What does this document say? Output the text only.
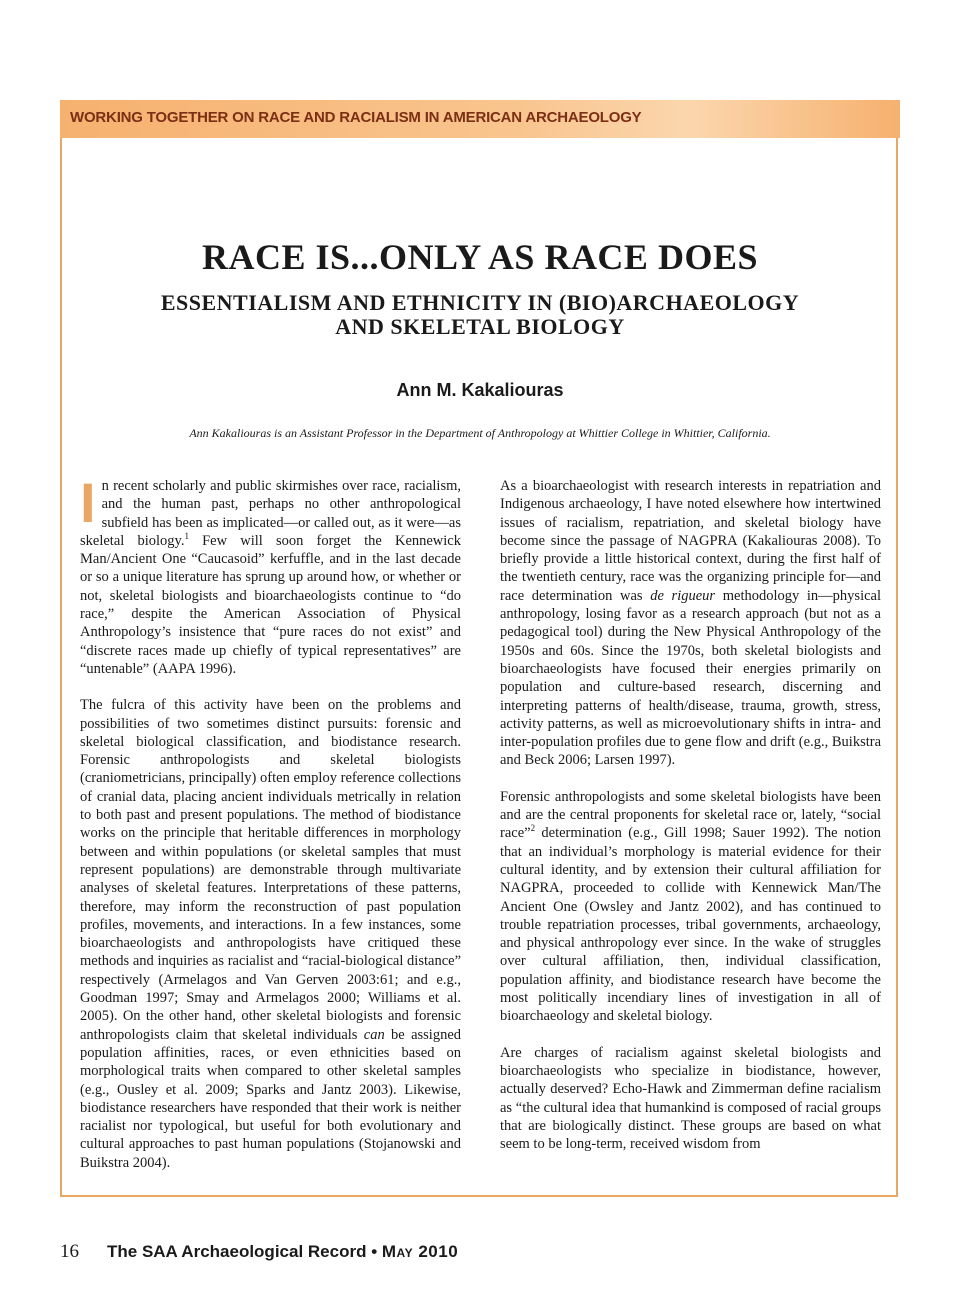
WORKING TOGETHER ON RACE AND RACIALISM IN AMERICAN ARCHAEOLOGY
RACE IS...ONLY AS RACE DOES
ESSENTIALISM AND ETHNICITY IN (BIO)ARCHAEOLOGY
AND SKELETAL BIOLOGY
Ann M. Kakaliouras
Ann Kakaliouras is an Assistant Professor in the Department of Anthropology at Whittier College in Whittier, California.

In recent scholarly and public skirmishes over race, racialism, and the human past, perhaps no other anthropological subfield has been as implicated—or called out, as it were—as skeletal biology.$^1$ Few will soon forget the Kennewick Man/Ancient One “Caucasoid” kerfuffle, and in the last decade or so a unique literature has sprung up around how, or whether or not, skeletal biologists and bioarchaeologists continue to “do race,” despite the American Association of Physical Anthropology’s insistence that “pure races do not exist” and “discrete races made up chiefly of typical representatives” are “untenable” (AAPA 1996).

The fulcra of this activity have been on the problems and possibilities of two sometimes distinct pursuits: forensic and skeletal biological classification, and biodistance research. Forensic anthropologists and skeletal biologists (craniometricians, principally) often employ reference collections of cranial data, placing ancient individuals metrically in relation to both past and present populations. The method of biodistance works on the principle that heritable differences in morphology between and within populations (or skeletal samples that must represent populations) are demonstrable through multivariate analyses of skeletal features. Interpretations of these patterns, therefore, may inform the reconstruction of past population profiles, movements, and interactions. In a few instances, some bioarchaeologists and anthropologists have critiqued these methods and inquiries as racialist and “racial-biological distance” respectively (Armelagos and Van Gerven 2003:61; and e.g., Goodman 1997; Smay and Armelagos 2000; Williams et al. 2005). On the other hand, other skeletal biologists and forensic anthropologists claim that skeletal individuals can be assigned population affinities, races, or even ethnicities based on morphological traits when compared to other skeletal samples (e.g., Ousley et al. 2009; Sparks and Jantz 2003). Likewise, biodistance researchers have responded that their work is neither racialist nor typological, but useful for both evolutionary and cultural approaches to past human populations (Stojanowski and Buikstra 2004).

As a bioarchaeologist with research interests in repatriation and Indigenous archaeology, I have noted elsewhere how intertwined issues of racialism, repatriation, and skeletal biology have become since the passage of NAGPRA (Kakaliouras 2008). To briefly provide a little historical context, during the first half of the twentieth century, race was the organizing principle for—and race determination was de rigueur methodology in—physical anthropology, losing favor as a research approach (but not as a pedagogical tool) during the New Physical Anthropology of the 1950s and 60s. Since the 1970s, both skeletal biologists and bioarchaeologists have focused their energies primarily on population and culture-based research, discerning and interpreting patterns of health/disease, trauma, growth, stress, activity patterns, as well as microevolutionary shifts in intra- and inter-population profiles due to gene flow and drift (e.g., Buikstra and Beck 2006; Larsen 1997).

Forensic anthropologists and some skeletal biologists have been and are the central proponents for skeletal race or, lately, “social race”$^2$ determination (e.g., Gill 1998; Sauer 1992). The notion that an individual’s morphology is material evidence for their cultural identity, and by extension their cultural affiliation for NAGPRA, proceeded to collide with Kennewick Man/The Ancient One (Owsley and Jantz 2002), and has continued to trouble repatriation processes, tribal governments, archaeology, and physical anthropology ever since. In the wake of struggles over cultural affiliation, then, individual classification, population affinity, and biodistance research have become the most politically incendiary lines of investigation in all of bioarchaeology and skeletal biology.

Are charges of racialism against skeletal biologists and bioarchaeologists who specialize in biodistance, however, actually deserved? Echo-Hawk and Zimmerman define racialism as “the cultural idea that humankind is composed of racial groups that are biologically distinct. These groups are based on what seem to be long-term, received wisdom from

16 The SAA Archaeological Record • May 2010
